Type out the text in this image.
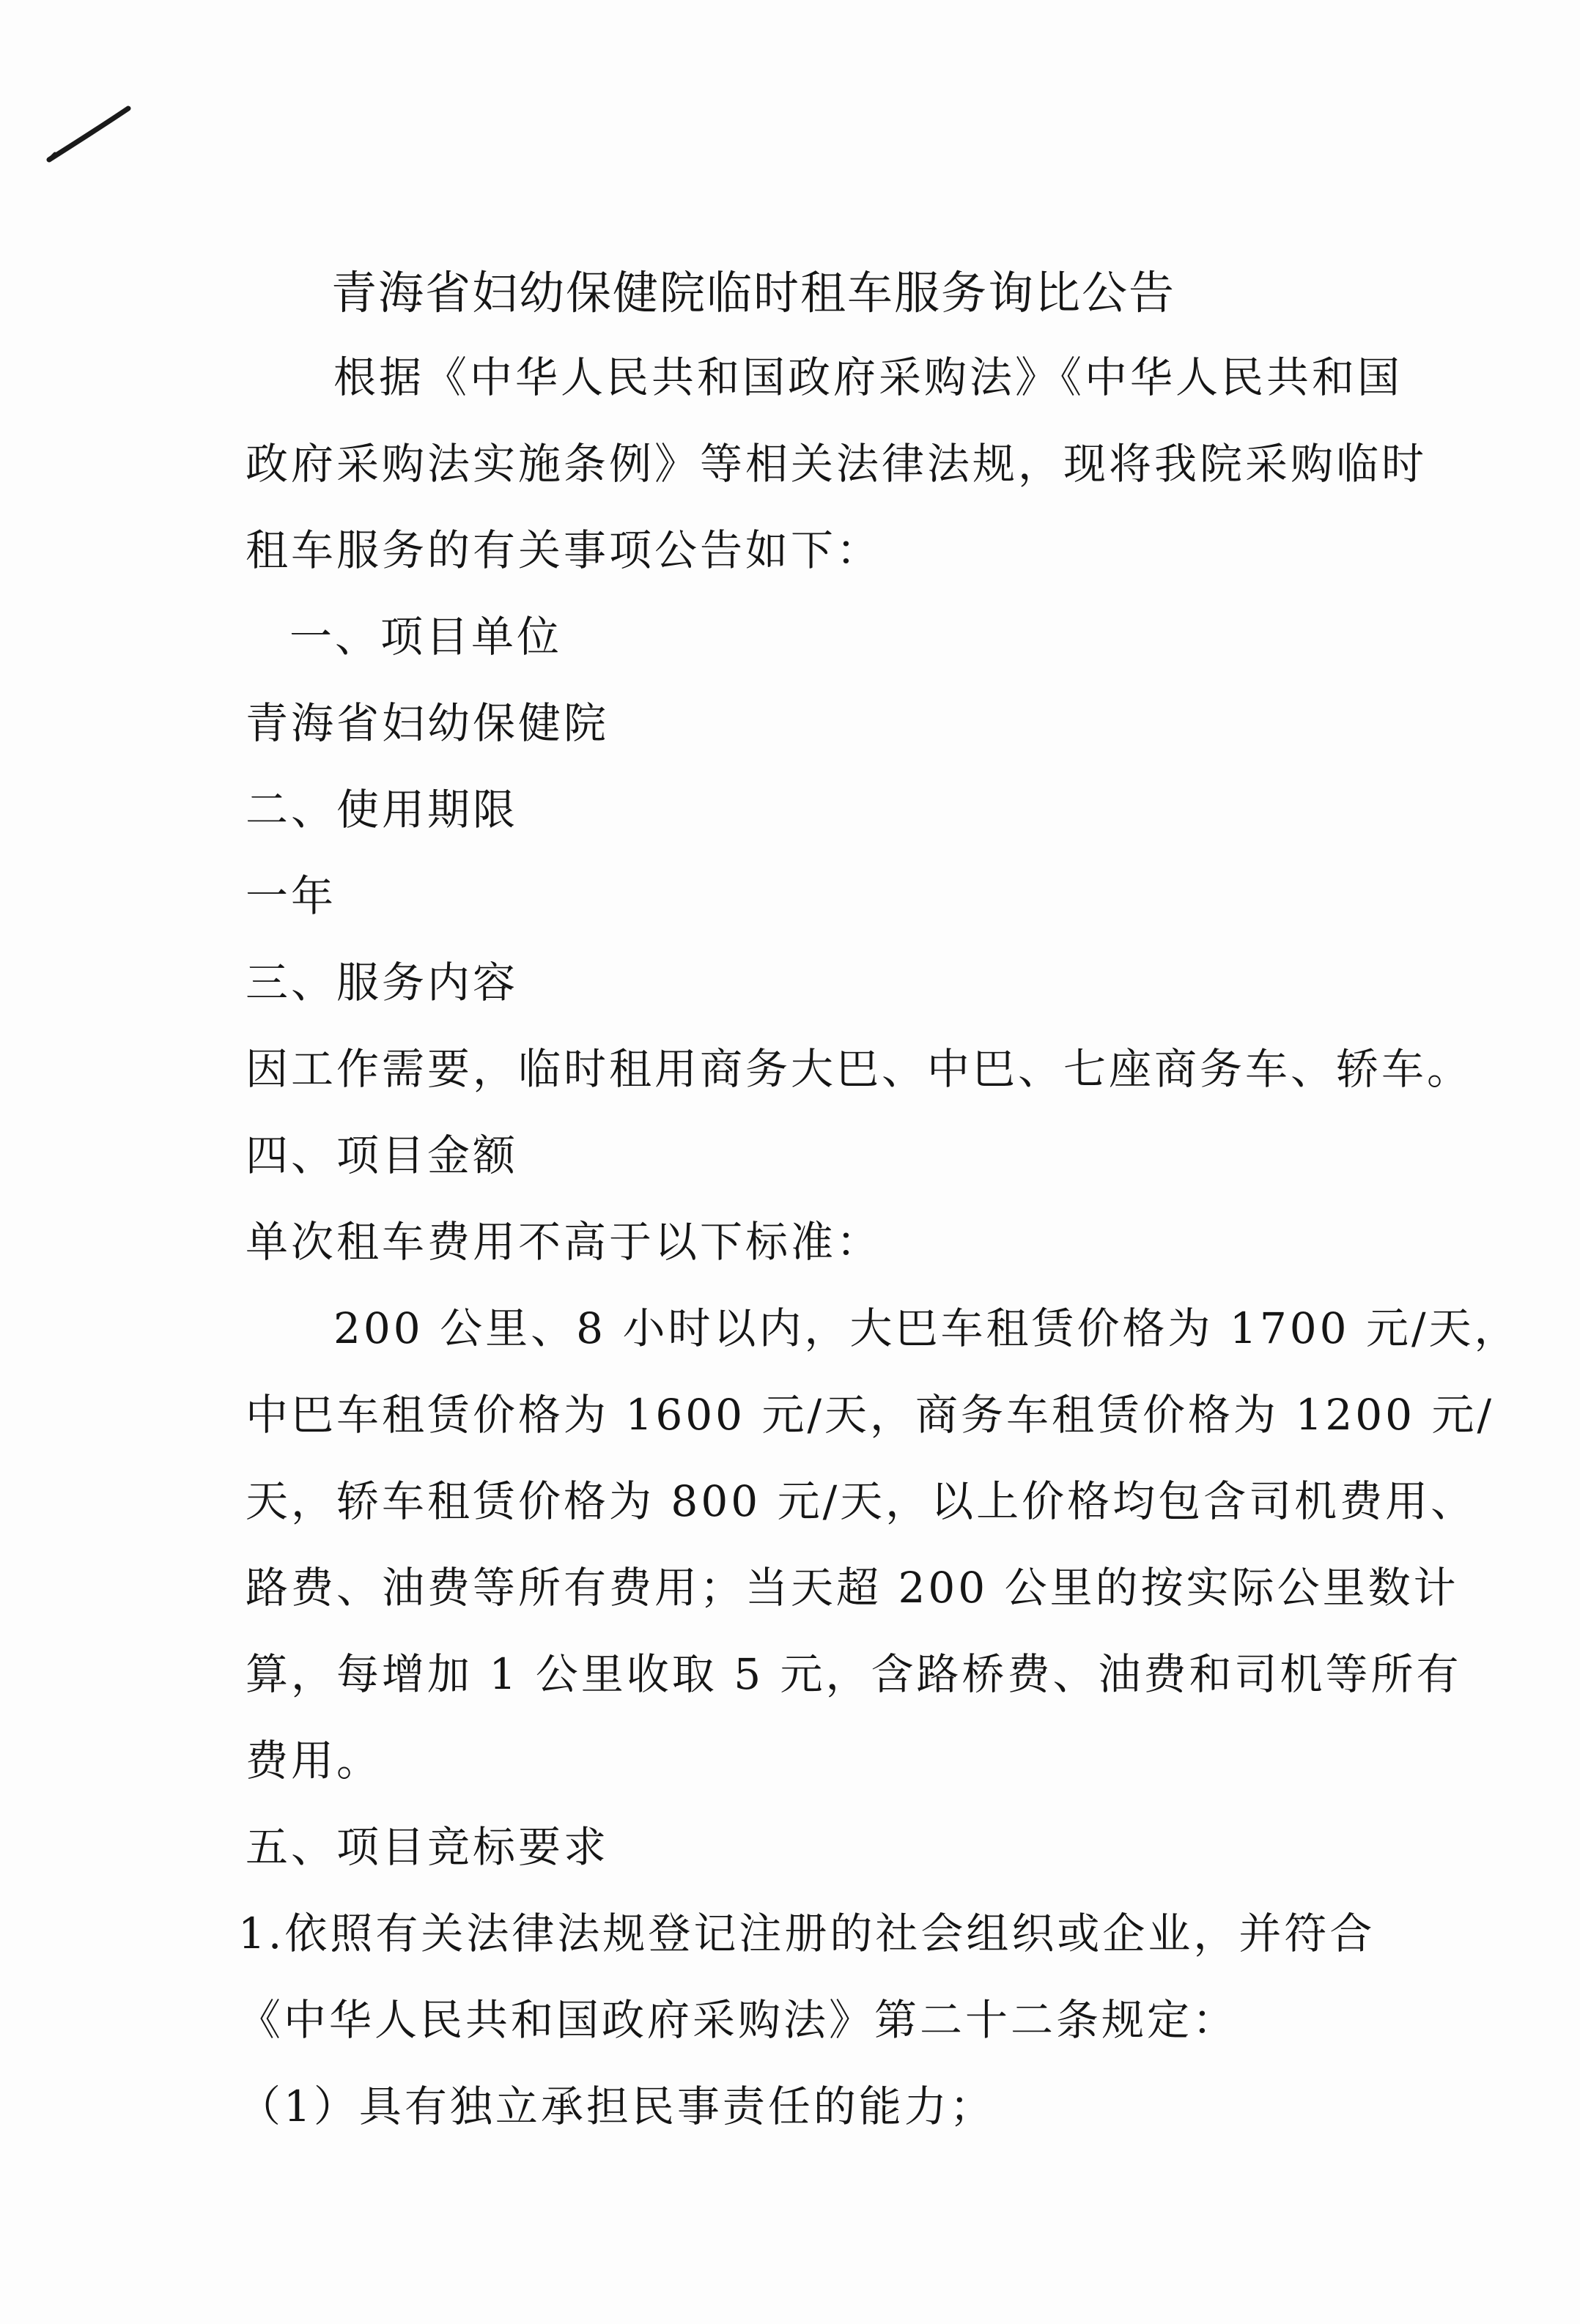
青海省妇幼保健院临时租车服务询比公告
根据《中华人民共和国政府采购法》《中华人民共和国
政府采购法实施条例》等相关法律法规，现将我院采购临时
租车服务的有关事项公告如下：
一、项目单位
青海省妇幼保健院
二、使用期限
一年
三、服务内容
因工作需要，临时租用商务大巴、中巴、七座商务车、轿车。
四、项目金额
单次租车费用不高于以下标准：
200 公里、8 小时以内，大巴车租赁价格为 1700 元/天，
中巴车租赁价格为 1600 元/天，商务车租赁价格为 1200 元/
天，轿车租赁价格为 800 元/天，以上价格均包含司机费用、
路费、油费等所有费用；当天超 200 公里的按实际公里数计
算，每增加 1 公里收取 5 元，含路桥费、油费和司机等所有
费用。
五、项目竞标要求
1.依照有关法律法规登记注册的社会组织或企业，并符合
《中华人民共和国政府采购法》第二十二条规定：
（1）具有独立承担民事责任的能力；
